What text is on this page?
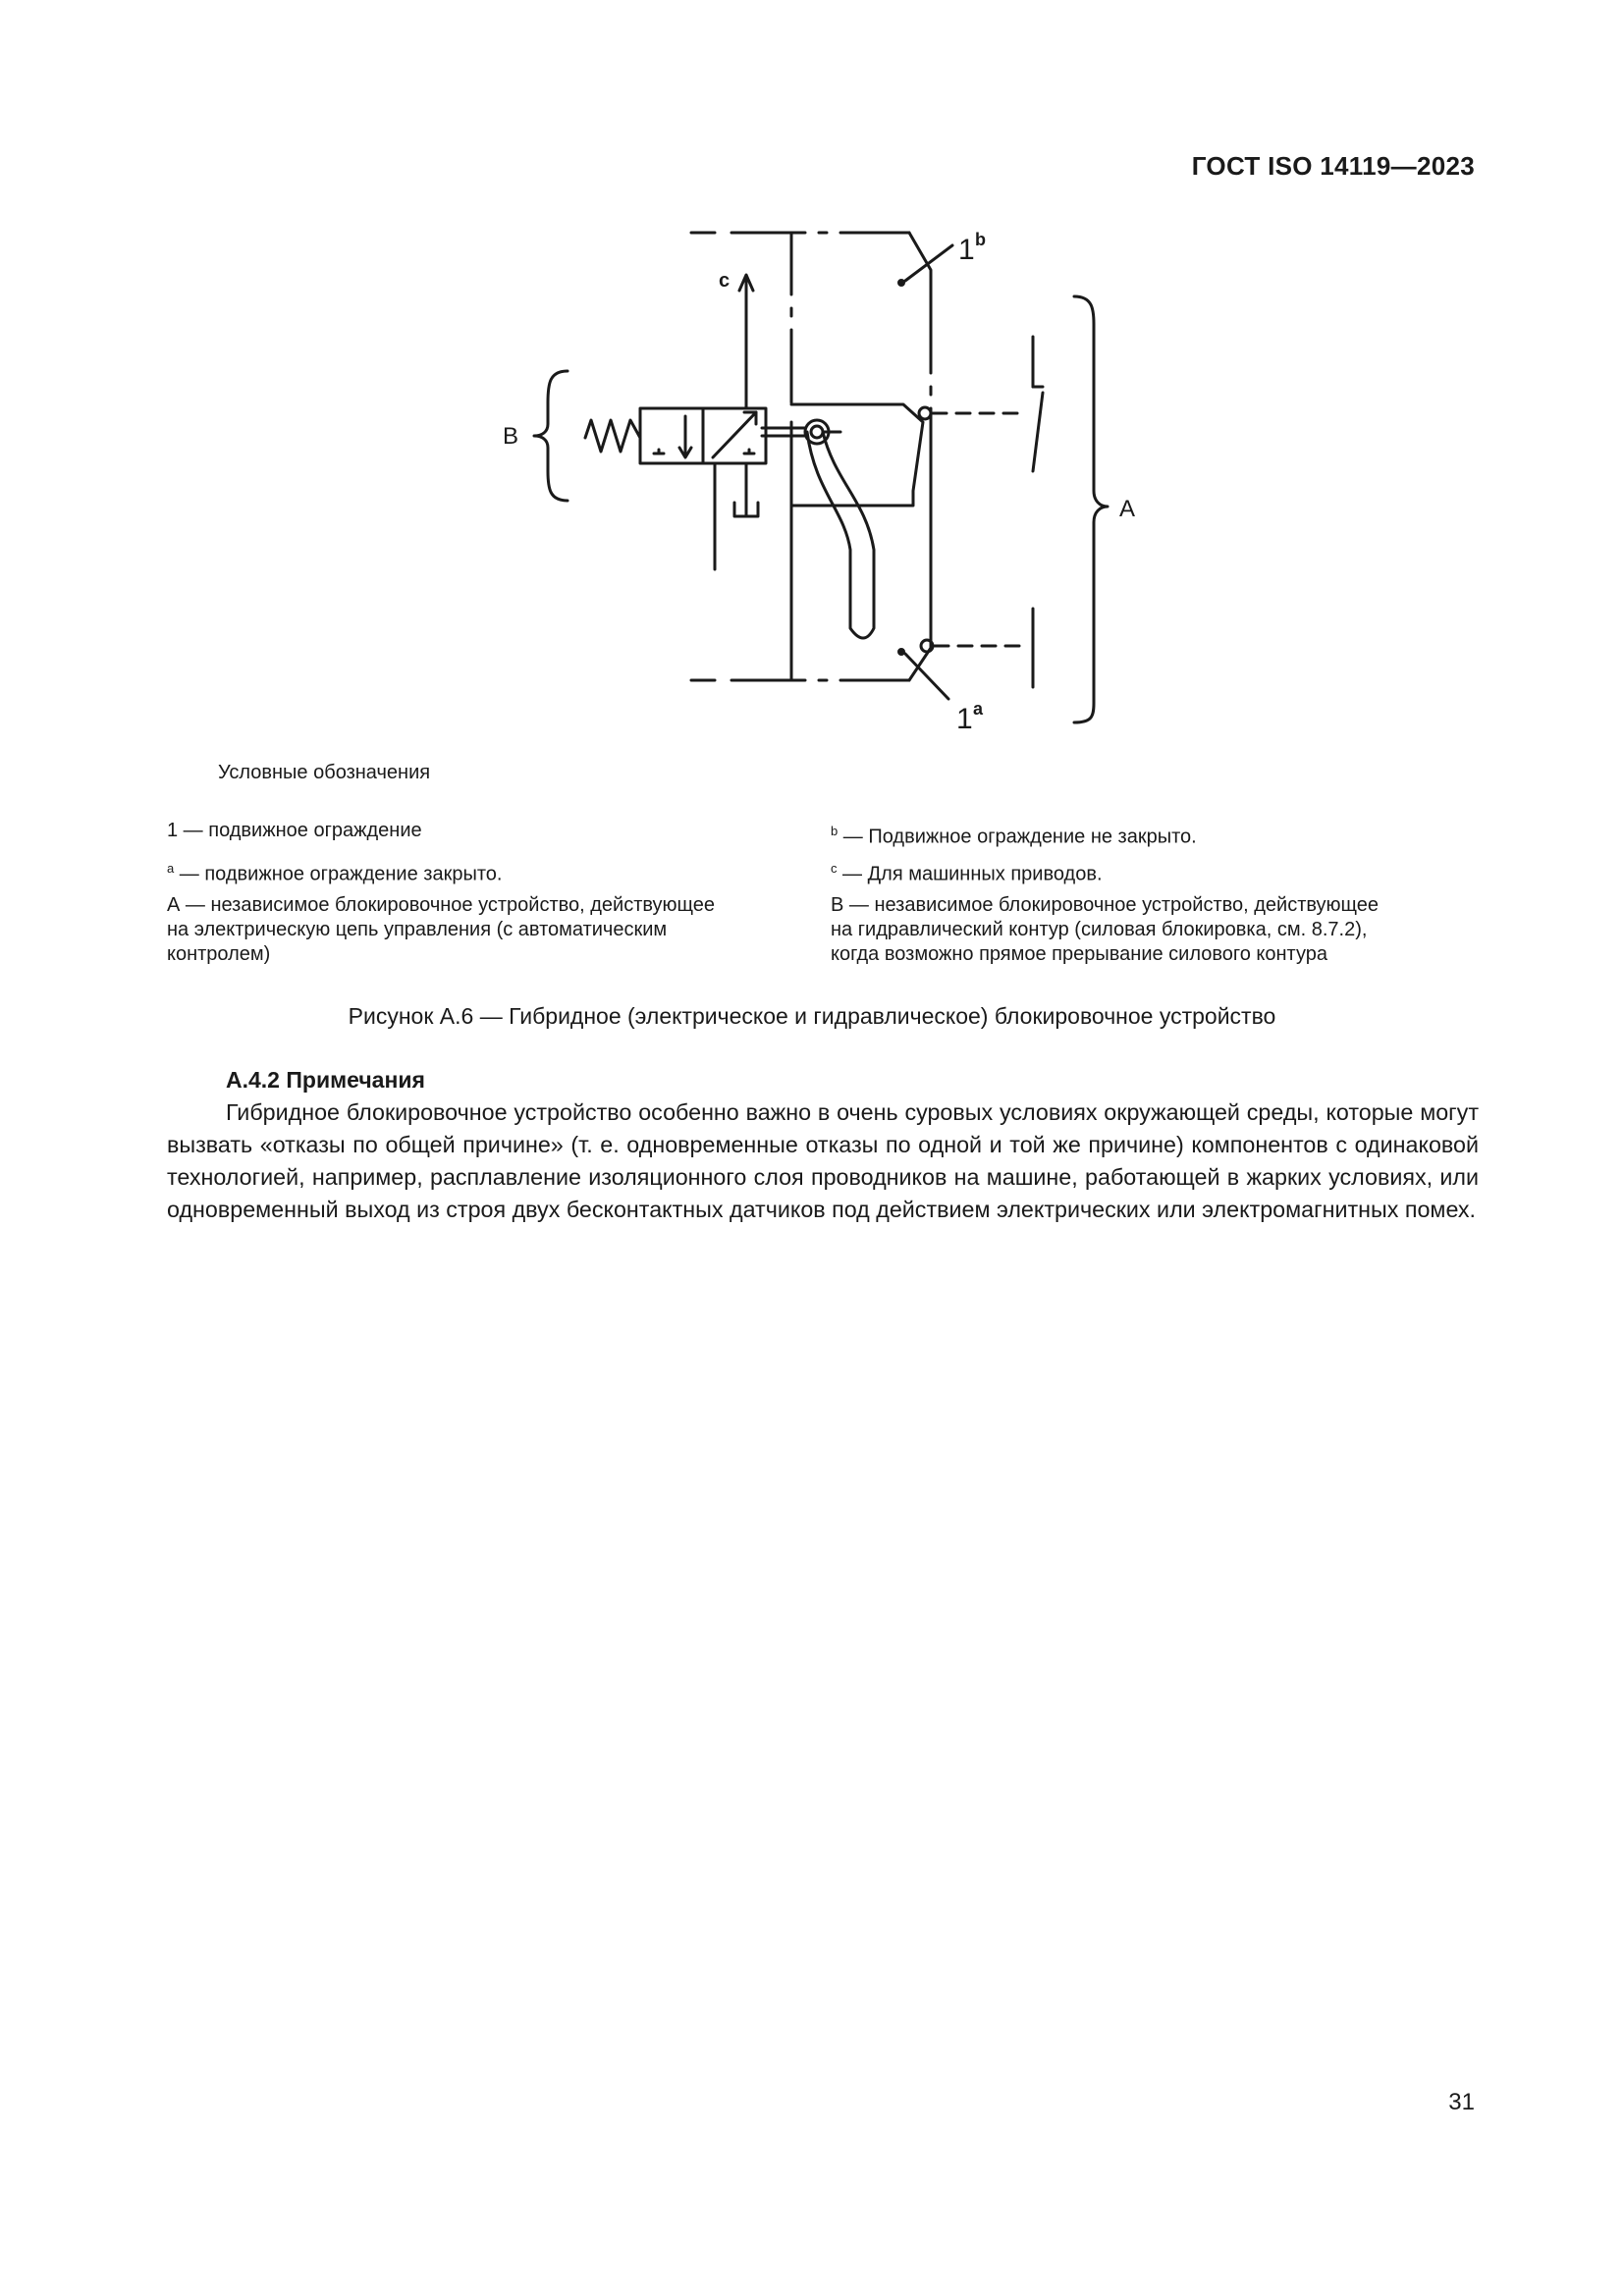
ГОСТ ISO 14119—2023
c
1 b
1 a
B
A
Условные обозначения
1 — подвижное ограждение
$^a$ — подвижное ограждение закрыто.
А — независимое блокировочное устройство, действующее
на электрическую цепь управления (с автоматическим
контролем)
$^b$ — Подвижное ограждение не закрыто.
$^c$ — Для машинных приводов.
В — независимое блокировочное устройство, действующее
на гидравлический контур (силовая блокировка, см. 8.7.2),
когда возможно прямое прерывание силового контура
Рисунок А.6 — Гибридное (электрическое и гидравлическое) блокировочное устройство
А.4.2 Примечания
Гибридное блокировочное устройство особенно важно в очень суровых условиях окружающей среды, которые могут вызвать «отказы по общей причине» (т. е. одновременные отказы по одной и той же причине) компонентов с одинаковой технологией, например, расплавление изоляционного слоя проводников на машине, работающей в жарких условиях, или одновременный выход из строя двух бесконтактных датчиков под действием электрических или электромагнитных помех.
31
